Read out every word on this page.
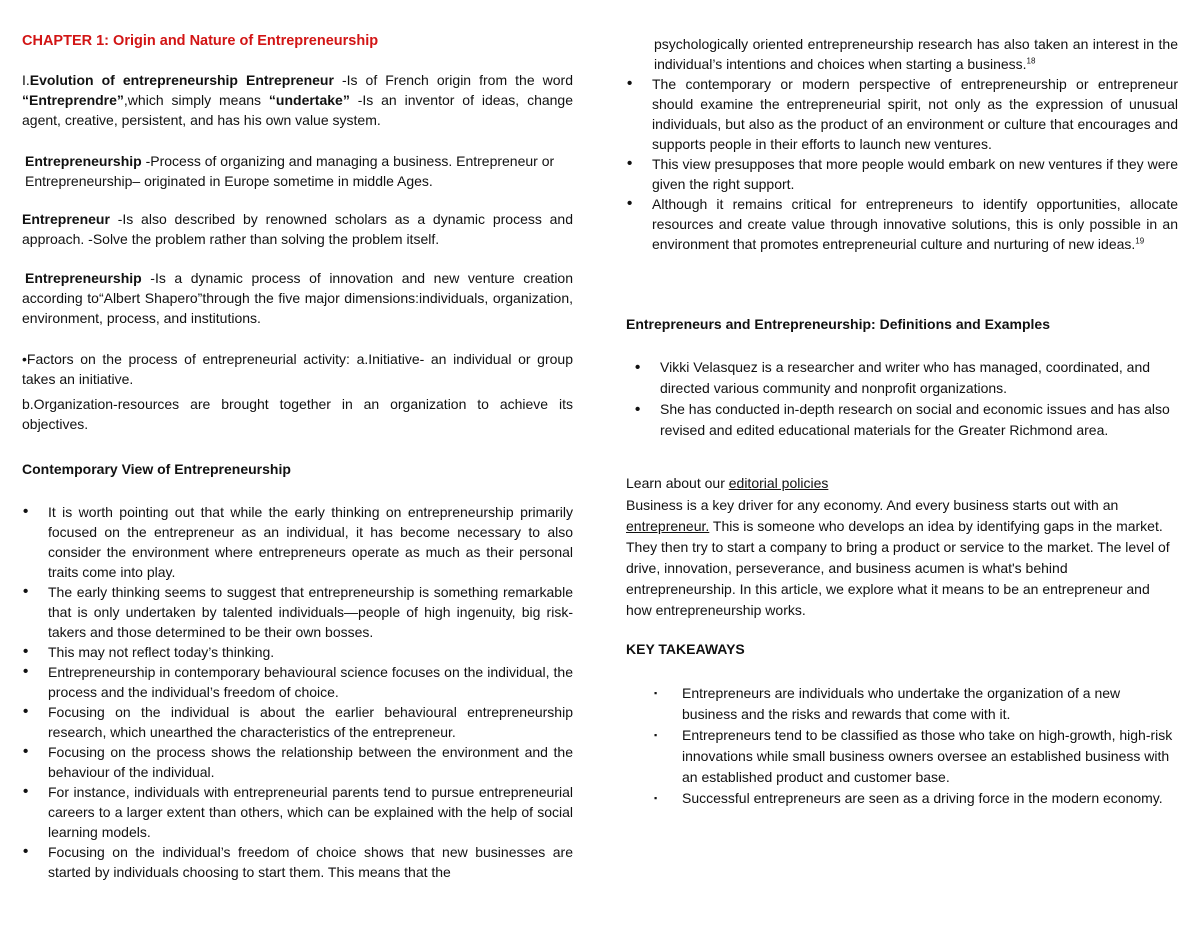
CHAPTER 1: Origin and Nature of Entrepreneurship

I.Evolution of entrepreneurship Entrepreneur -Is of French origin from the word “Entreprendre”,which simply means “undertake” -Is an inventor of ideas, change agent, creative, persistent, and has his own value system.

Entrepreneurship -Process of organizing and managing a business. Entrepreneur or Entrepreneurship– originated in Europe sometime in middle Ages.

Entrepreneur -Is also described by renowned scholars as a dynamic process and approach. -Solve the problem rather than solving the problem itself.

Entrepreneurship -Is a dynamic process of innovation and new venture creation according to“Albert Shapero”through the five major dimensions:individuals, organization, environment, process, and institutions.

•Factors on the process of entrepreneurial activity: a.Initiative- an individual or group takes an initiative.

b.Organization-resources are brought together in an organization to achieve its objectives.

Contemporary View of Entrepreneurship
• It is worth pointing out that while the early thinking on entrepreneurship primarily focused on the entrepreneur as an individual, it has become necessary to also consider the environment where entrepreneurs operate as much as their personal traits come into play.
• The early thinking seems to suggest that entrepreneurship is something remarkable that is only undertaken by talented individuals—people of high ingenuity, big risk- takers and those determined to be their own bosses.
• This may not reflect today’s thinking.
• Entrepreneurship in contemporary behavioural science focuses on the individual, the process and the individual’s freedom of choice.
• Focusing on the individual is about the earlier behavioural entrepreneurship research, which unearthed the characteristics of the entrepreneur.
• Focusing on the process shows the relationship between the environment and the behaviour of the individual.
• For instance, individuals with entrepreneurial parents tend to pursue entrepreneurial careers to a larger extent than others, which can be explained with the help of social learning models.
• Focusing on the individual’s freedom of choice shows that new businesses are started by individuals choosing to start them. This means that the

psychologically oriented entrepreneurship research has also taken an interest in the individual’s intentions and choices when starting a business.$^{18}$

• The contemporary or modern perspective of entrepreneurship or entrepreneur should examine the entrepreneurial spirit, not only as the expression of unusual individuals, but also as the product of an environment or culture that encourages and supports people in their efforts to launch new ventures.
• This view presupposes that more people would embark on new ventures if they were given the right support.
• Although it remains critical for entrepreneurs to identify opportunities, allocate resources and create value through innovative solutions, this is only possible in an environment that promotes entrepreneurial culture and nurturing of new ideas.$^{19}$
Entrepreneurs and Entrepreneurship: Definitions and Examples
• Vikki Velasquez is a researcher and writer who has managed, coordinated, and directed various community and nonprofit organizations.
• She has conducted in-depth research on social and economic issues and has also revised and edited educational materials for the Greater Richmond area.

Learn about our editorial policies

Business is a key driver for any economy. And every business starts out with an entrepreneur. This is someone who develops an idea by identifying gaps in the market. They then try to start a company to bring a product or service to the market. The level of drive, innovation, perseverance, and business acumen is what's behind entrepreneurship. In this article, we explore what it means to be an entrepreneur and how entrepreneurship works.

KEY TAKEAWAYS
▪ Entrepreneurs are individuals who undertake the organization of a new business and the risks and rewards that come with it.
▪ Entrepreneurs tend to be classified as those who take on high-growth, high-risk innovations while small business owners oversee an established business with an established product and customer base.
▪ Successful entrepreneurs are seen as a driving force in the modern economy.
